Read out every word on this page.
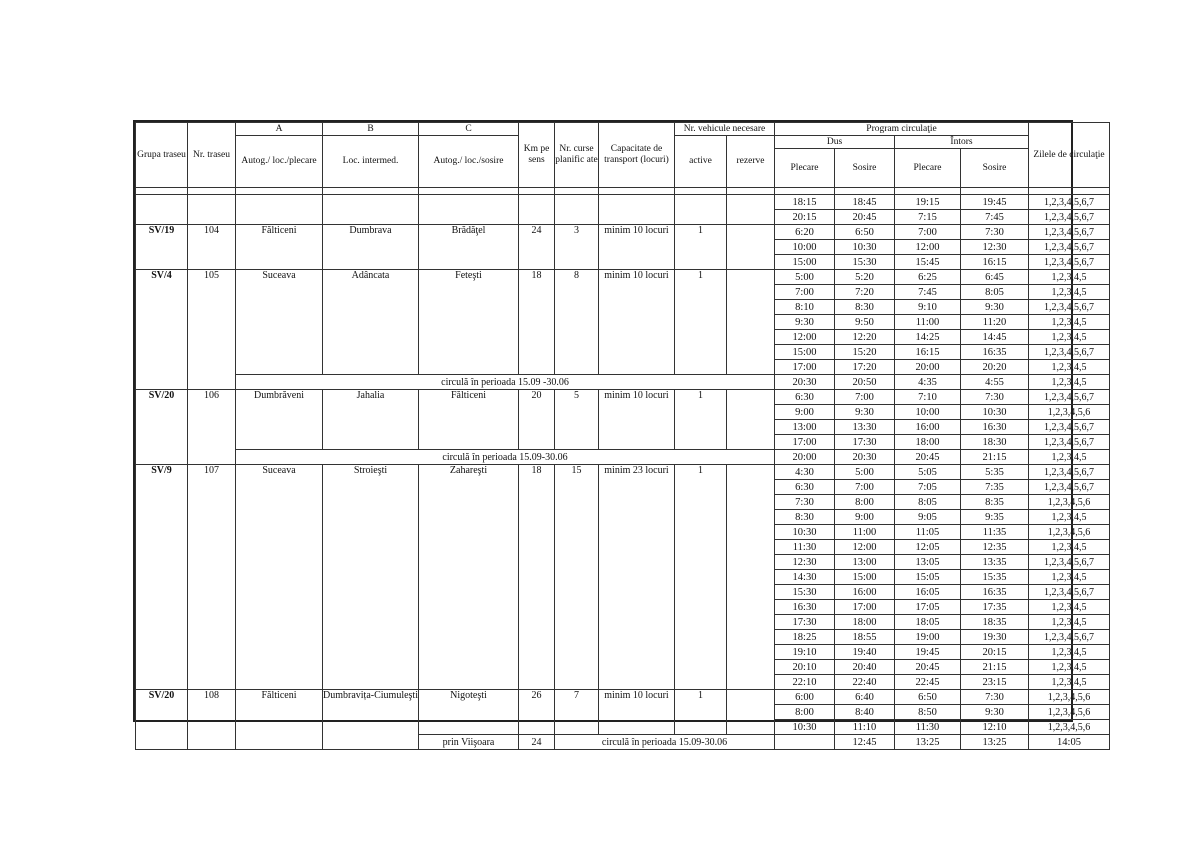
Grupa traseu	Nr. traseu	A	B	C	Km pe sens	Nr. curse planific ate	Capacitate de transport (locuri)	Nr. vehicule necesare		Program circulaţie				Zilele de circulaţie	
		Autog./ loc./plecare	Loc. intermed.	Autog./ loc./sosire				active	rezerve	Dus		Întors			
										Plecare	Sosire	Plecare	Sosire		

										18:15	18:45	19:15	19:45	1,2,3,4,5,6,7	
										20:15	20:45	7:15	7:45	1,2,3,4,5,6,7	
SV/19	104	Fălticeni	Dumbrava	Brădăţel	24	3	minim 10 locuri	1		6:20	6:50	7:00	7:30	1,2,3,4,5,6,7	
										10:00	10:30	12:00	12:30	1,2,3,4,5,6,7	
										15:00	15:30	15:45	16:15	1,2,3,4,5,6,7	
SV/4	105	Suceava	Adâncata	Feteşti	18	8	minim 10 locuri	1		5:00	5:20	6:25	6:45	1,2,3,4,5	
										7:00	7:20	7:45	8:05	1,2,3,4,5	
										8:10	8:30	9:10	9:30	1,2,3,4,5,6,7	
										9:30	9:50	11:00	11:20	1,2,3,4,5	
										12:00	12:20	14:25	14:45	1,2,3,4,5	
										15:00	15:20	16:15	16:35	1,2,3,4,5,6,7	
										17:00	17:20	20:00	20:20	1,2,3,4,5	
		circulă în perioada 15.09 -30.06								20:30	20:50	4:35	4:55	1,2,3,4,5	
SV/20	106	Dumbrăveni	Jahalia	Fălticeni	20	5	minim 10 locuri	1		6:30	7:00	7:10	7:30	1,2,3,4,5,6,7	
										9:00	9:30	10:00	10:30	1,2,3,4,5,6	
										13:00	13:30	16:00	16:30	1,2,3,4,5,6,7	
										17:00	17:30	18:00	18:30	1,2,3,4,5,6,7	
		circulă în perioada 15.09-30.06								20:00	20:30	20:45	21:15	1,2,3,4,5	
SV/9	107	Suceava	Stroieşti	Zahareşti	18	15	minim 23 locuri	1		4:30	5:00	5:05	5:35	1,2,3,4,5,6,7	
										6:30	7:00	7:05	7:35	1,2,3,4,5,6,7	
										7:30	8:00	8:05	8:35	1,2,3,4,5,6	
										8:30	9:00	9:05	9:35	1,2,3,4,5	
										10:30	11:00	11:05	11:35	1,2,3,4,5,6	
										11:30	12:00	12:05	12:35	1,2,3,4,5	
										12:30	13:00	13:05	13:35	1,2,3,4,5,6,7	
										14:30	15:00	15:05	15:35	1,2,3,4,5	
										15:30	16:00	16:05	16:35	1,2,3,4,5,6,7	
										16:30	17:00	17:05	17:35	1,2,3,4,5	
										17:30	18:00	18:05	18:35	1,2,3,4,5	
										18:25	18:55	19:00	19:30	1,2,3,4,5,6,7	
										19:10	19:40	19:45	20:15	1,2,3,4,5	
										20:10	20:40	20:45	21:15	1,2,3,4,5	
										22:10	22:40	22:45	23:15	1,2,3,4,5	
SV/20	108	Fălticeni	Dumbravița-Ciumuleşti	Nigoteşti	26	7	minim 10 locuri	1		6:00	6:40	6:50	7:30	1,2,3,4,5,6	
										8:00	8:40	8:50	9:30	1,2,3,4,5,6	
										10:30	11:10	11:30	12:10	1,2,3,4,5,6	
				prin Viişoara	24	circulă în perioada 15.09-30.06					12:45	13:25	13:25	14:05	
